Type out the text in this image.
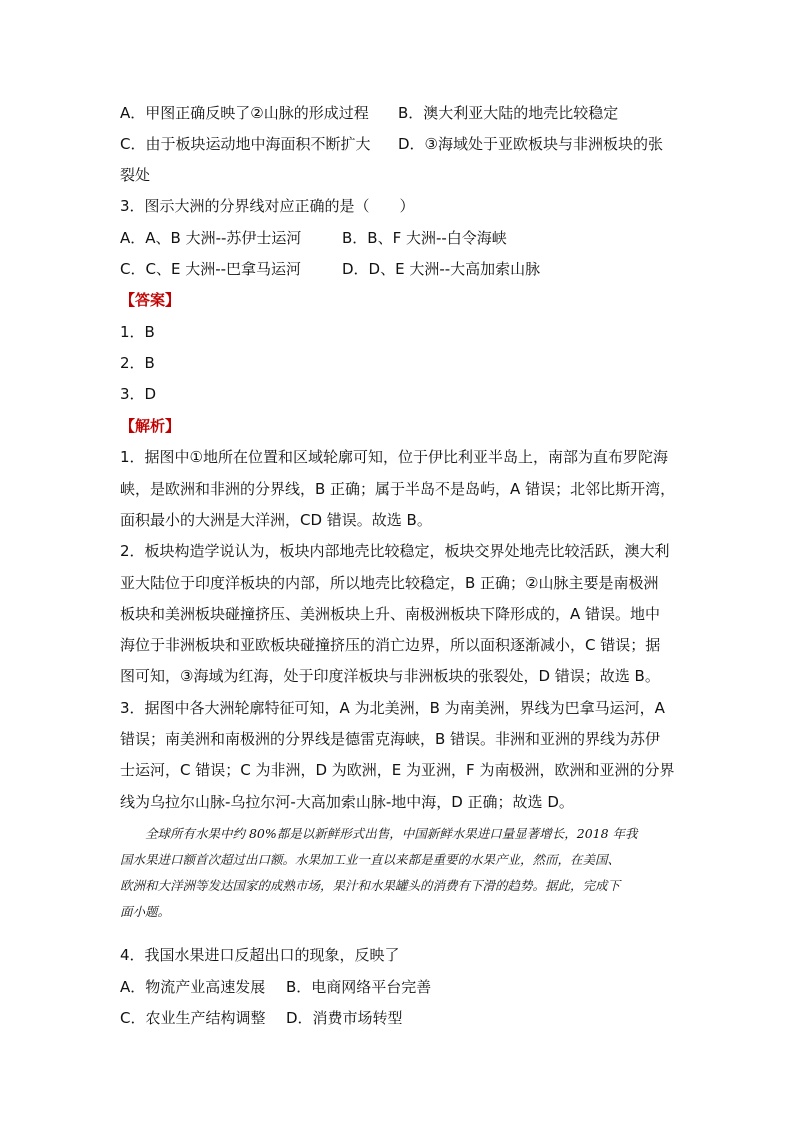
A．甲图正确反映了②山脉的形成过程 B．澳大利亚大陆的地壳比较稳定
C．由于板块运动地中海面积不断扩大 D．③海域处于亚欧板块与非洲板块的张
裂处
3．图示大洲的分界线对应正确的是（　　）
A．A、B 大洲--苏伊士运河	B．B、F 大洲--白令海峡
C．C、E 大洲--巴拿马运河	D．D、E 大洲--大高加索山脉
【答案】
1．B
2．B
3．D
【解析】
1．据图中①地所在位置和区域轮廓可知，位于伊比利亚半岛上，南部为直布罗陀海
峡，是欧洲和非洲的分界线，B 正确；属于半岛不是岛屿，A 错误；北邻比斯开湾，
面积最小的大洲是大洋洲，CD 错误。故选 B。
2．板块构造学说认为，板块内部地壳比较稳定，板块交界处地壳比较活跃，澳大利
亚大陆位于印度洋板块的内部，所以地壳比较稳定，B 正确；②山脉主要是南极洲
板块和美洲板块碰撞挤压、美洲板块上升、南极洲板块下降形成的，A 错误。地中
海位于非洲板块和亚欧板块碰撞挤压的消亡边界，所以面积逐渐减小，C 错误；据
图可知，③海域为红海，处于印度洋板块与非洲板块的张裂处，D 错误；故选 B。
3．据图中各大洲轮廓特征可知，A 为北美洲，B 为南美洲，界线为巴拿马运河，A
错误；南美洲和南极洲的分界线是德雷克海峡，B 错误。非洲和亚洲的界线为苏伊
士运河，C 错误；C 为非洲，D 为欧洲，E 为亚洲，F 为南极洲，欧洲和亚洲的分界
线为乌拉尔山脉-乌拉尔河-大高加索山脉-地中海，D 正确；故选 D。

　　全球所有水果中约 80%都是以新鲜形式出售，中国新鲜水果进口量显著增长，2018 年我

国水果进口额首次超过出口额。水果加工业一直以来都是重要的水果产业，然而，在美国、

欧洲和大洋洲等发达国家的成熟市场，果汁和水果罐头的消费有下滑的趋势。据此，完成下

面小题。

4．我国水果进口反超出口的现象，反映了
A．物流产业高速发展 B．电商网络平台完善
C．农业生产结构调整 D．消费市场转型
